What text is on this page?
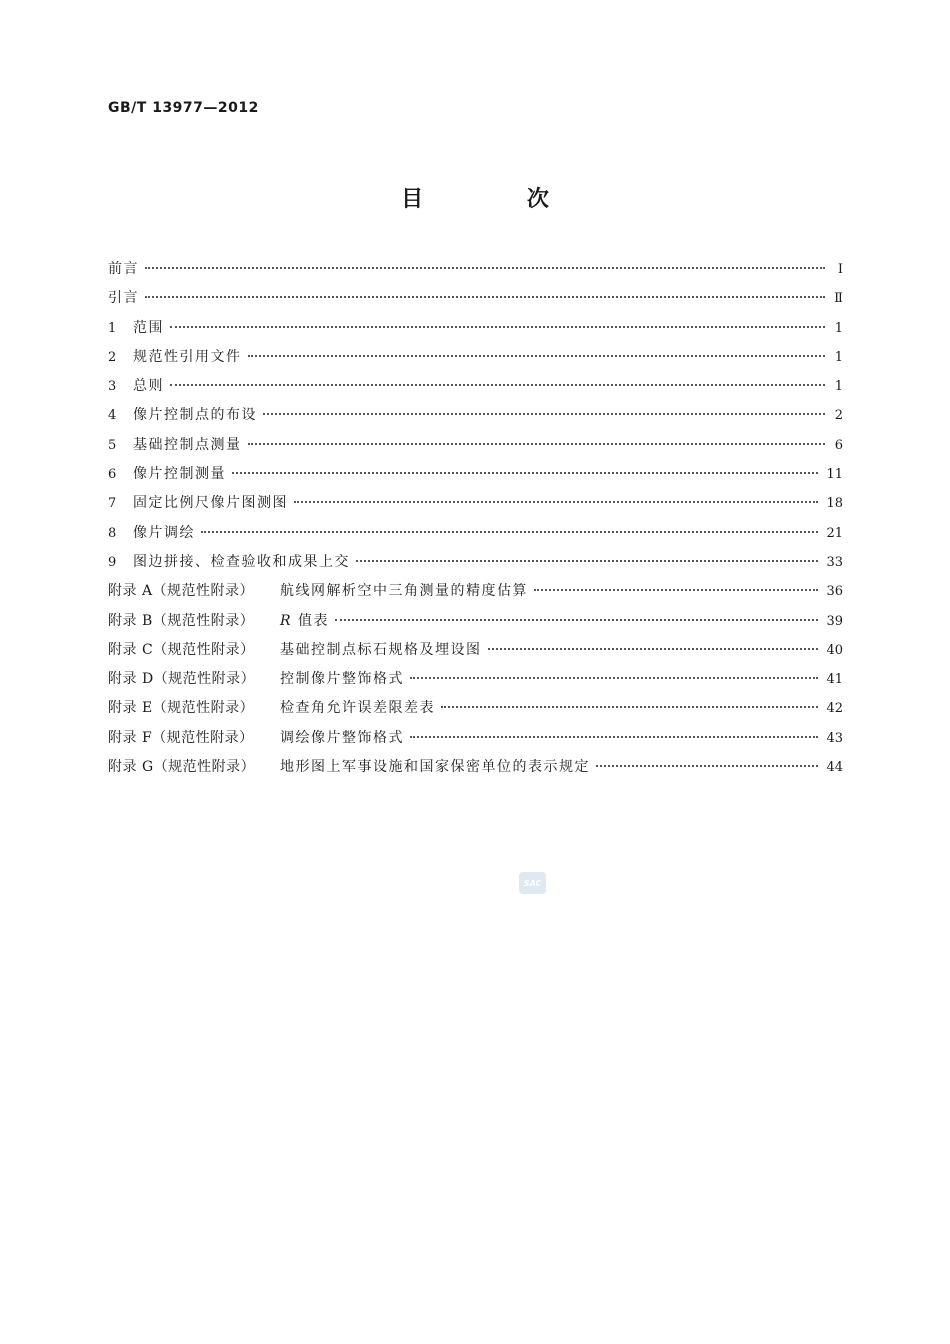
GB/T 13977—2012
目 次
前言	Ⅰ
引言	Ⅱ
1	范围	1
2	规范性引用文件	1
3	总则	1
4	像片控制点的布设	2
5	基础控制点测量	6
6	像片控制测量	11
7	固定比例尺像片图测图	18
8	像片调绘	21
9	图边拼接、检查验收和成果上交	33
附录 A（规范性附录）	航线网解析空中三角测量的精度估算	36
附录 B（规范性附录）	R 值表	39
附录 C（规范性附录）	基础控制点标石规格及埋设图	40
附录 D（规范性附录）	控制像片整饰格式	41
附录 E（规范性附录）	检查角允许误差限差表	42
附录 F（规范性附录）	调绘像片整饰格式	43
附录 G（规范性附录）	地形图上军事设施和国家保密单位的表示规定	44
SAC
